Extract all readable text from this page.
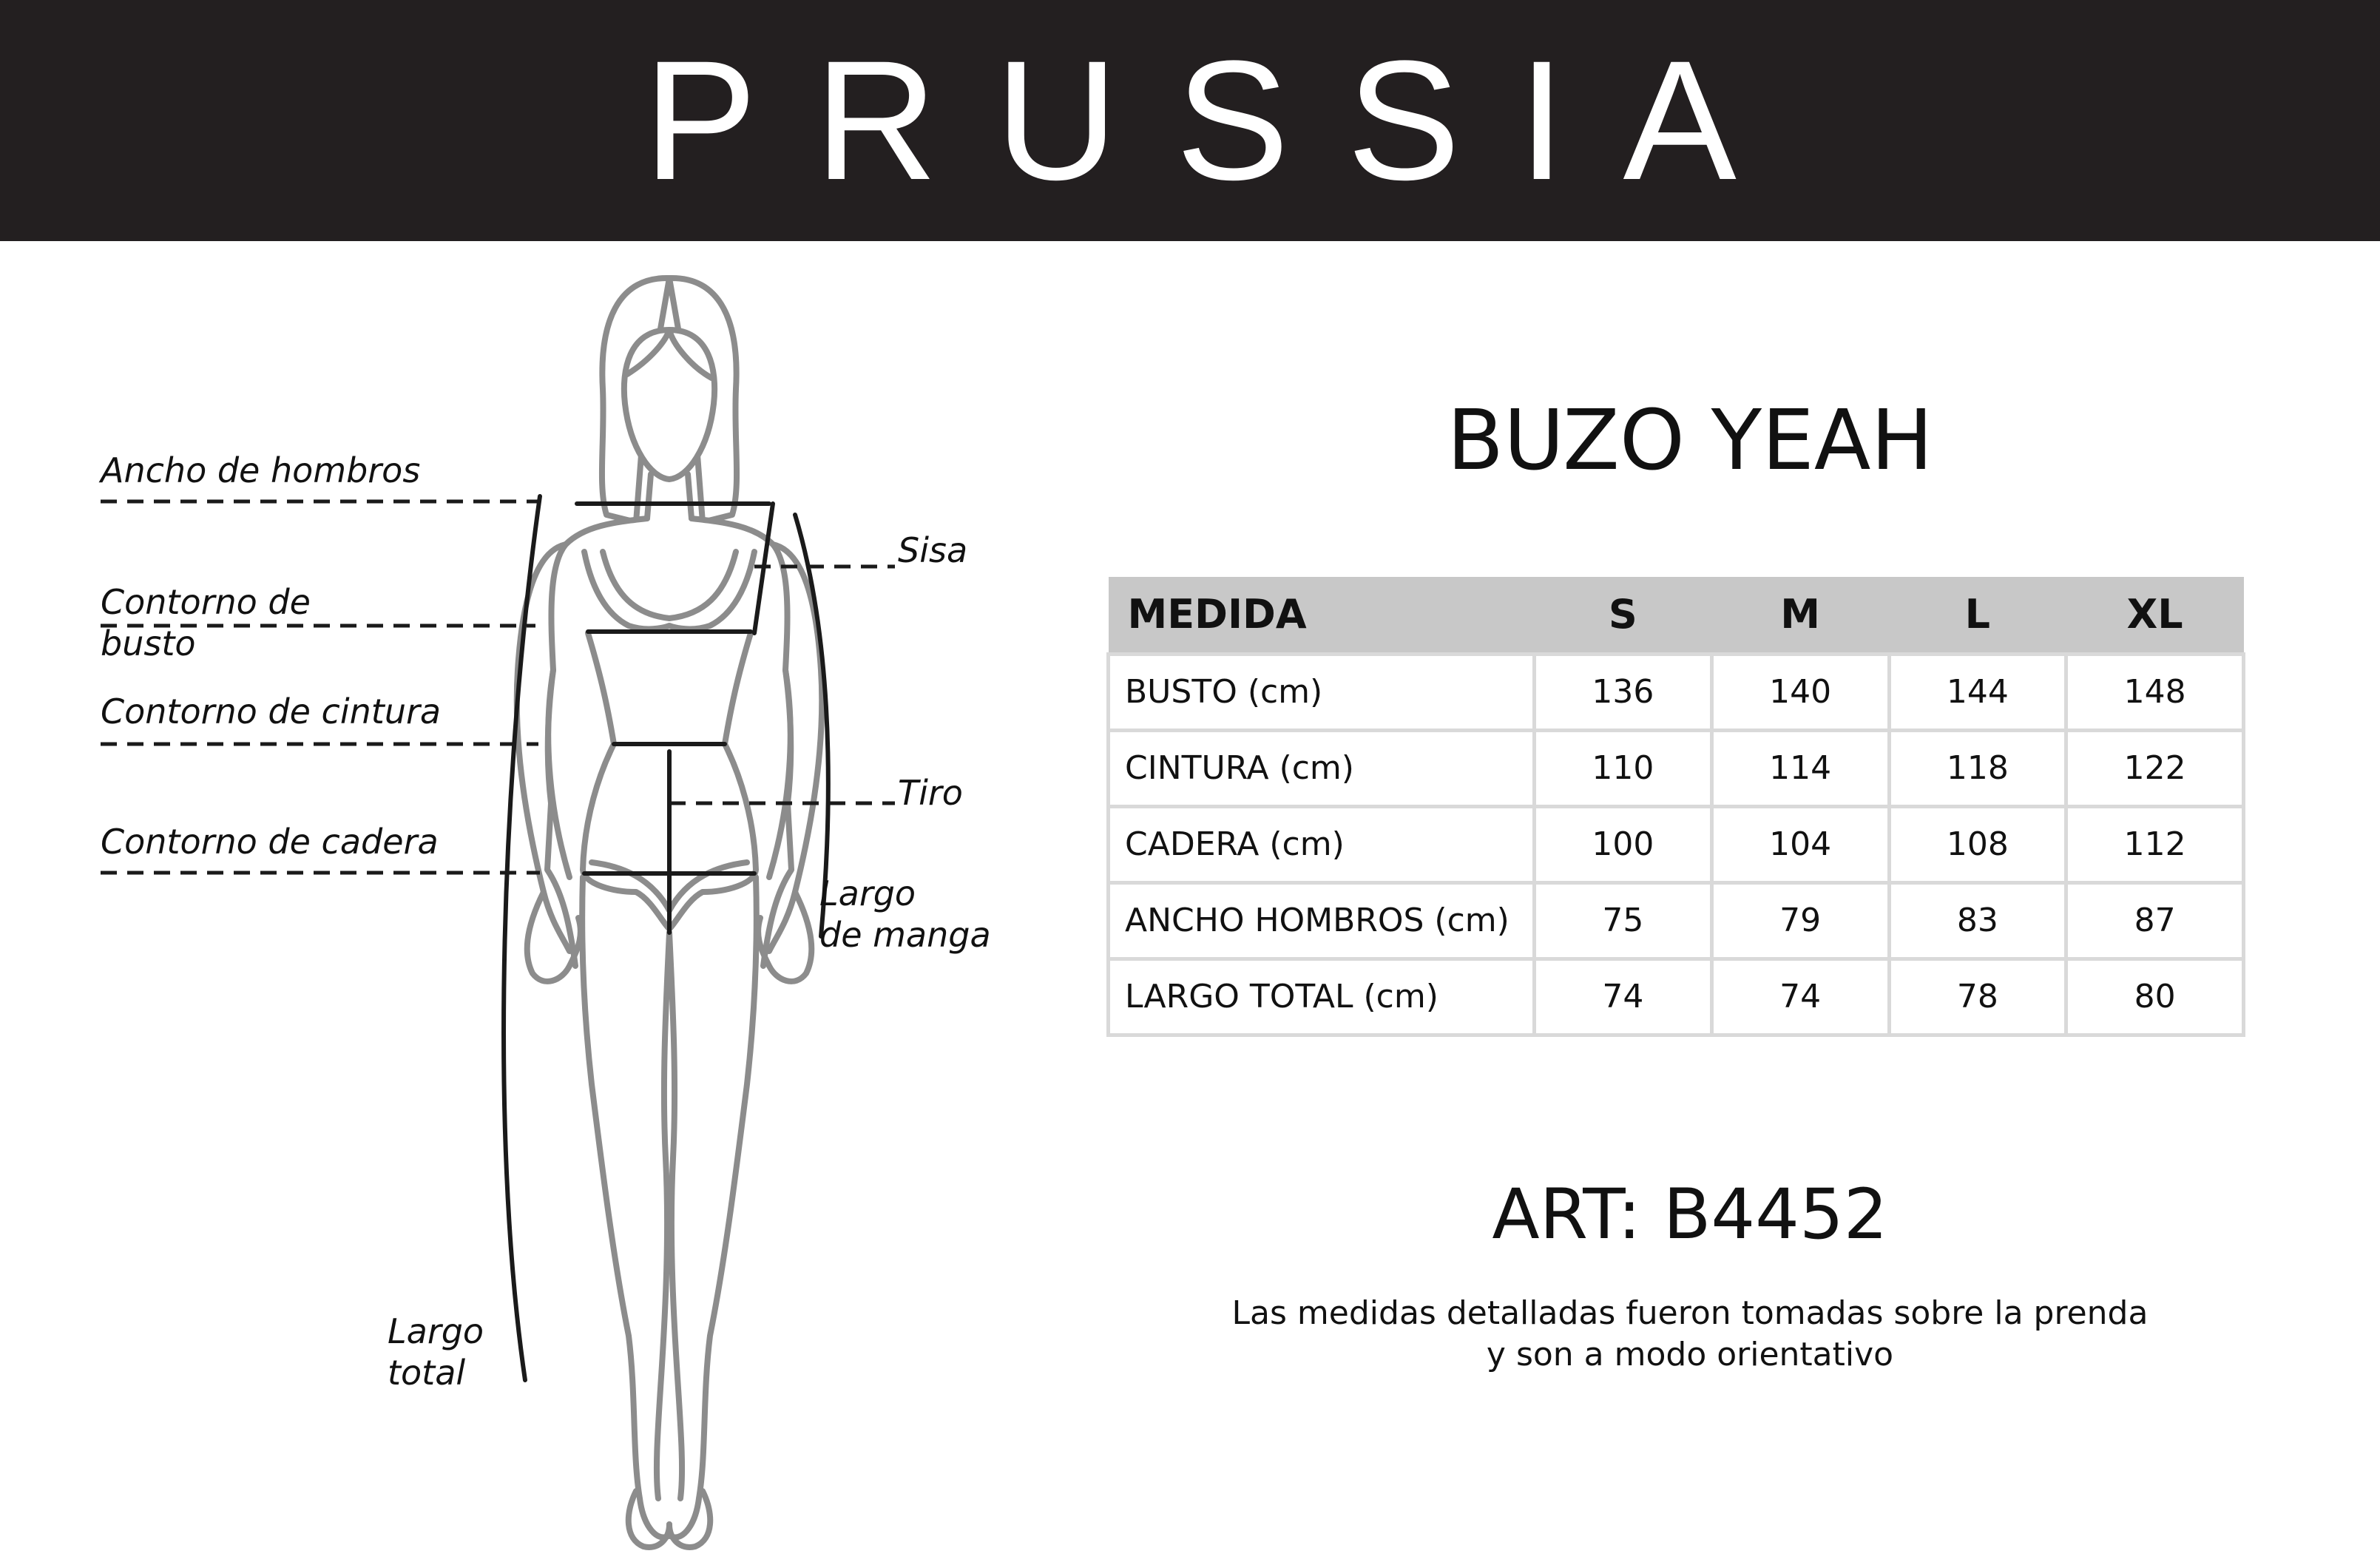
PRUSSIA
Ancho de hombros
Contorno de
busto
Contorno de cintura
Contorno de cadera
Sisa
Tiro
Largo
de manga
Largo
total
BUZO YEAH
MEDIDA	S	M	L	XL
BUSTO (cm)	136	140	144	148
CINTURA (cm)	110	114	118	122
CADERA (cm)	100	104	108	112
ANCHO HOMBROS (cm)	75	79	83	87
LARGO TOTAL (cm)	74	74	78	80
ART: B4452
Las medidas detalladas fueron tomadas sobre la prenda
y son a modo orientativo
